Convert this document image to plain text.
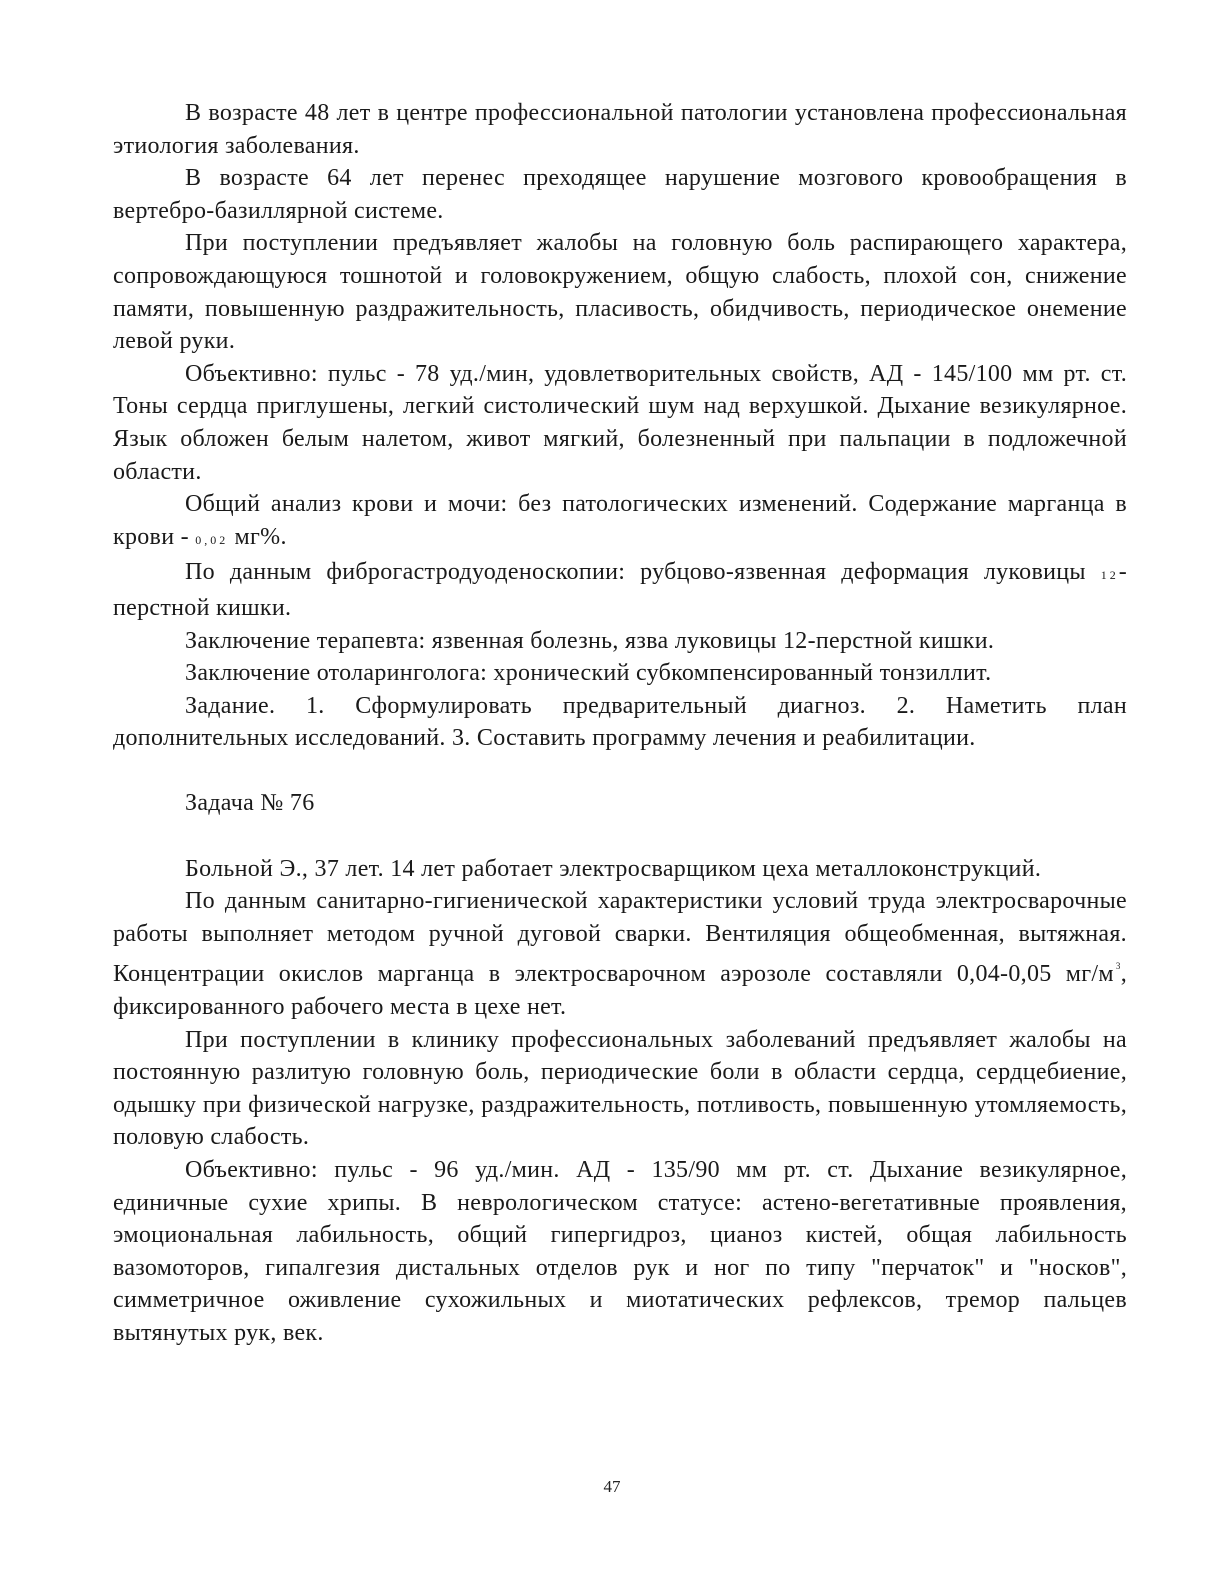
В возрасте 48 лет в центре профессиональной патологии установлена профессиональная этиология заболевания.

В возрасте 64 лет перенес преходящее нарушение мозгового кровообращения в вертебро-базиллярной системе.

При поступлении предъявляет жалобы на головную боль распирающего характера, сопровождающуюся тошнотой и головокружением, общую слабость, плохой сон, снижение памяти, повышенную раздражительность, пласивость, обидчивость, периодическое онемение левой руки.

Объективно: пульс - 78 уд./мин, удовлетворительных свойств, АД - 145/100 мм рт. ст. Тоны сердца приглушены, легкий систолический шум над верхушкой. Дыхание везикулярное. Язык обложен белым налетом, живот мягкий, болезненный при пальпации в подложечной области.

Общий анализ крови и мочи: без патологических изменений. Содержание марганца в крови - 0,02 мг%.

По данным фиброгастродуоденоскопии: рубцово-язвенная деформация луковицы 12-перстной кишки.

Заключение терапевта: язвенная болезнь, язва луковицы 12-перстной кишки.

Заключение отоларинголога: хронический субкомпенсированный тонзиллит.

Задание. 1. Сформулировать предварительный диагноз. 2. Наметить план дополнительных исследований. 3. Составить программу лечения и реабилитации.

Задача № 76

Больной Э., 37 лет. 14 лет работает электросварщиком цеха металлоконструкций.

По данным санитарно-гигиенической характеристики условий труда электросварочные работы выполняет методом ручной дуговой сварки. Вентиляция общеобменная, вытяжная. Концентрации окислов марганца в электросварочном аэрозоле составляли 0,04-0,05 мг/м $^3$, фиксированного рабочего места в цехе нет.

При поступлении в клинику профессиональных заболеваний предъявляет жалобы на постоянную разлитую головную боль, периодические боли в области сердца, сердцебиение, одышку при физической нагрузке, раздражительность, потливость, повышенную утомляемость, половую слабость.

Объективно: пульс - 96 уд./мин. АД - 135/90 мм рт. ст. Дыхание везикулярное, единичные сухие хрипы. В неврологическом статусе: астено-вегетативные проявления, эмоциональная лабильность, общий гипергидроз, цианоз кистей, общая лабильность вазомоторов, гипалгезия дистальных отделов рук и ног по типу "перчаток" и "носков", симметричное оживление сухожильных и миотатических рефлексов, тремор пальцев вытянутых рук, век.

47
